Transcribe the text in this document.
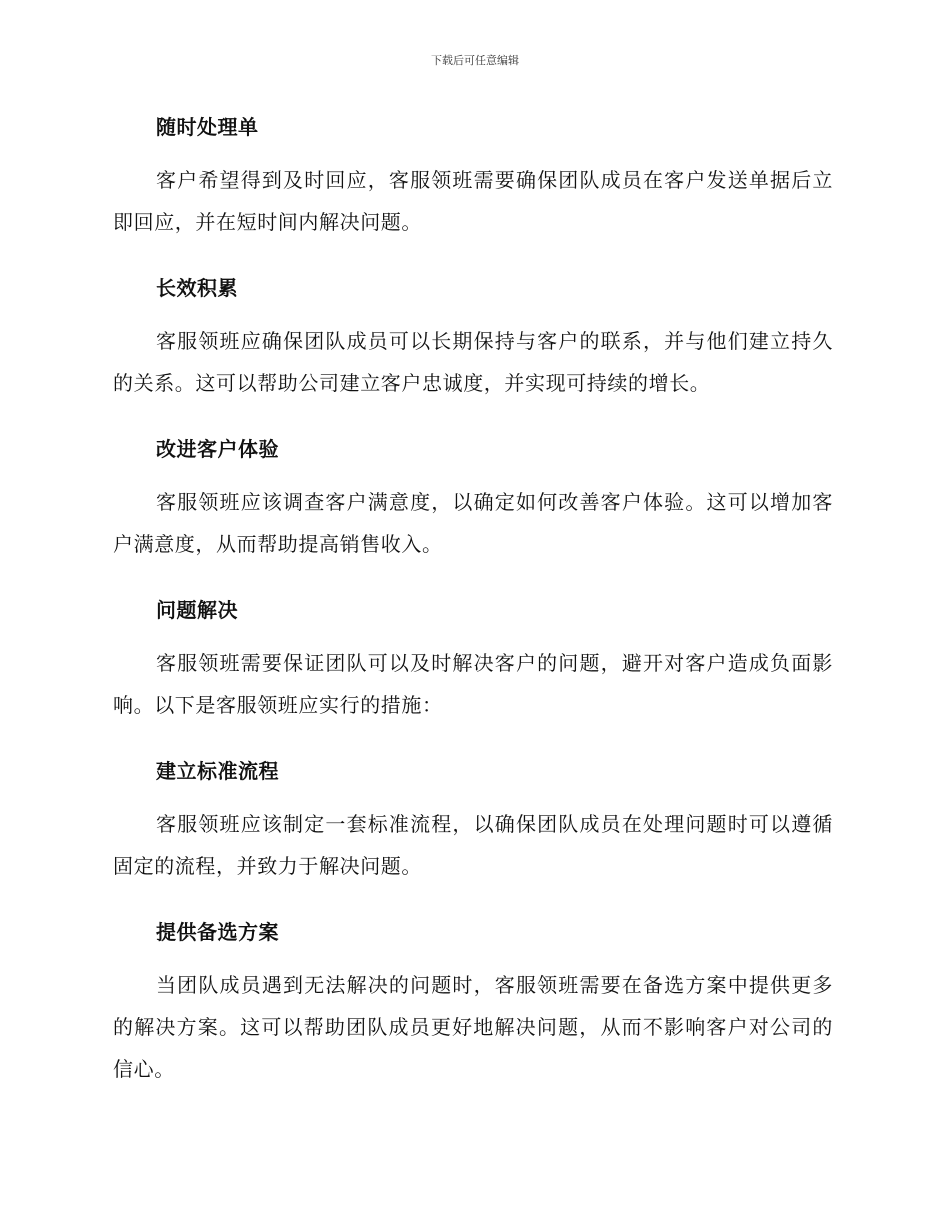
下载后可任意编辑
随时处理单

客户希望得到及时回应，客服领班需要确保团队成员在客户发送单据后立即回应，并在短时间内解决问题。

长效积累

客服领班应确保团队成员可以长期保持与客户的联系，并与他们建立持久的关系。这可以帮助公司建立客户忠诚度，并实现可持续的增长。

改进客户体验

客服领班应该调查客户满意度，以确定如何改善客户体验。这可以增加客户满意度，从而帮助提高销售收入。

问题解决

客服领班需要保证团队可以及时解决客户的问题，避开对客户造成负面影响。以下是客服领班应实行的措施：

建立标准流程

客服领班应该制定一套标准流程，以确保团队成员在处理问题时可以遵循固定的流程，并致力于解决问题。

提供备选方案

当团队成员遇到无法解决的问题时，客服领班需要在备选方案中提供更多的解决方案。这可以帮助团队成员更好地解决问题，从而不影响客户对公司的信心。
